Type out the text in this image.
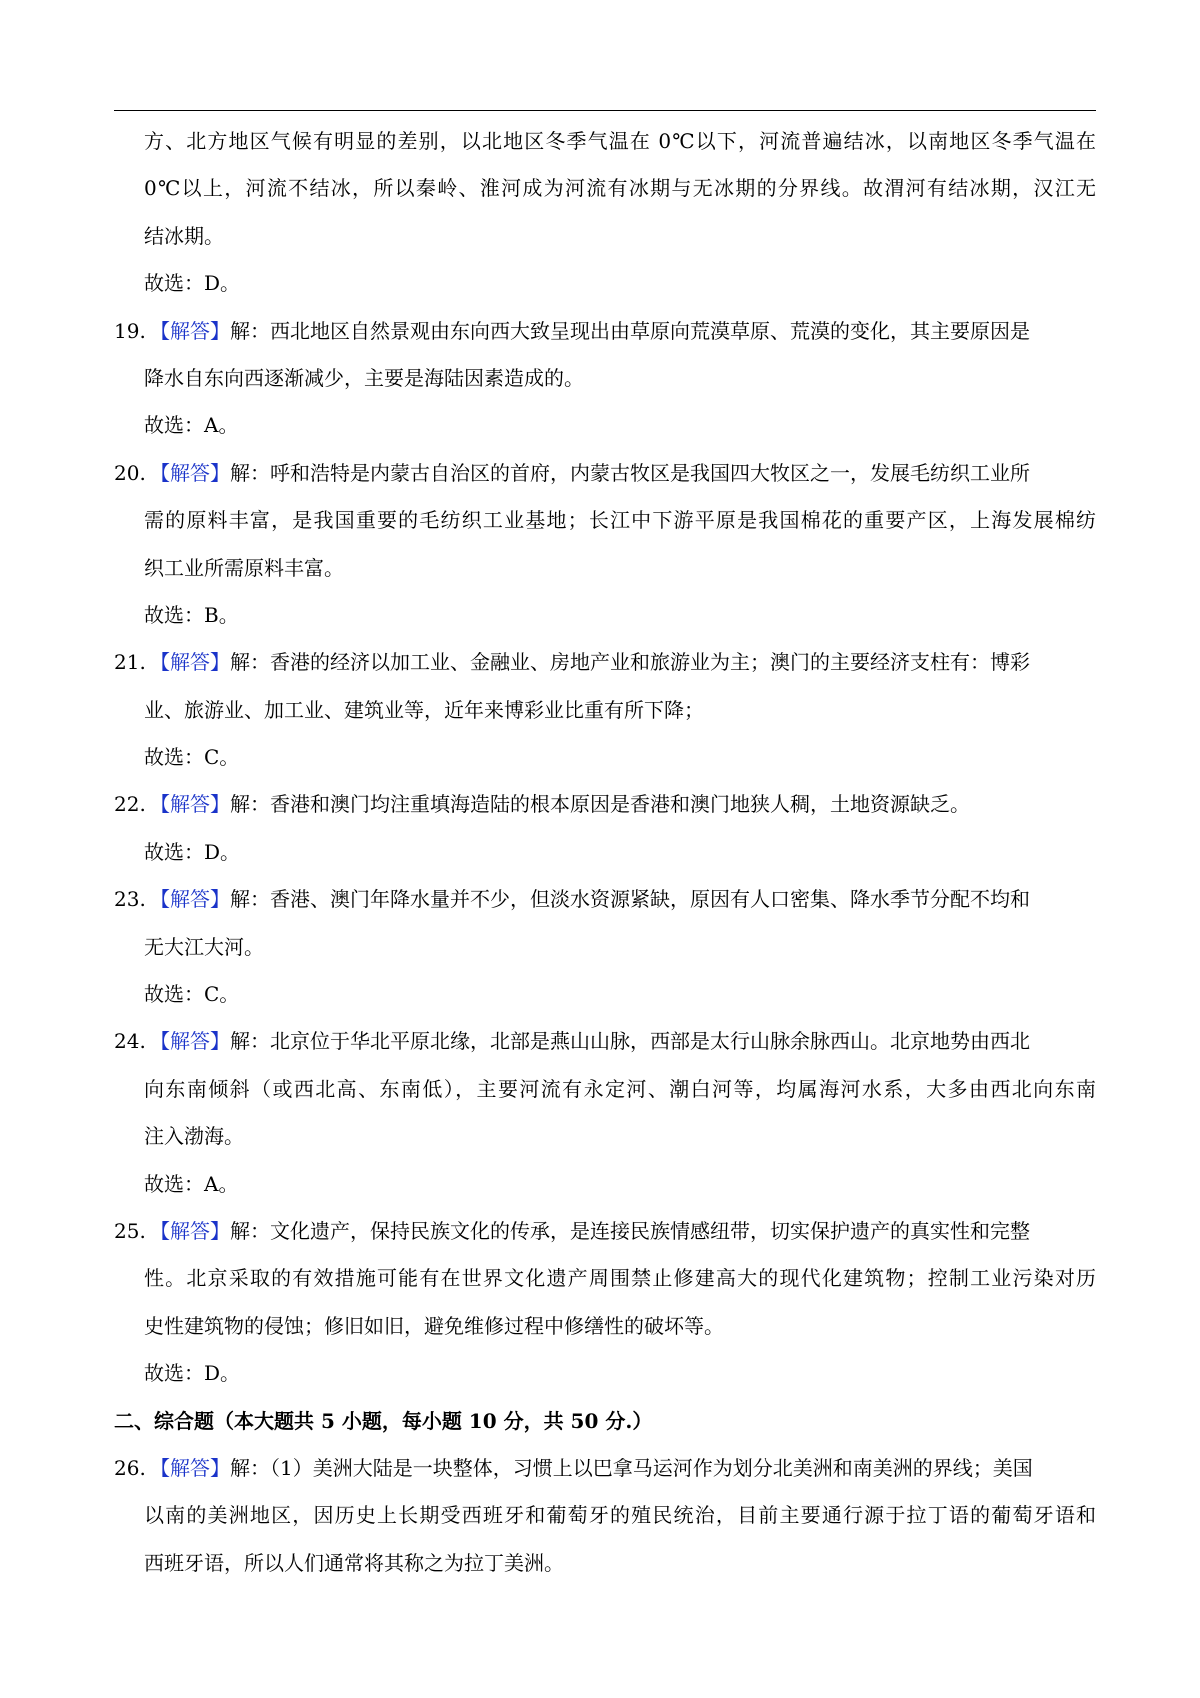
方、北方地区气候有明显的差别，以北地区冬季气温在 0℃以下，河流普遍结冰，以南地区冬季气温在
0℃以上，河流不结冰，所以秦岭、淮河成为河流有冰期与无冰期的分界线。故渭河有结冰期，汉江无
结冰期。
故选：D。
19. 【解答】 解：西北地区自然景观由东向西大致呈现出由草原向荒漠草原、荒漠的变化，其主要原因是
降水自东向西逐渐减少，主要是海陆因素造成的。
故选：A。
20. 【解答】 解：呼和浩特是内蒙古自治区的首府，内蒙古牧区是我国四大牧区之一，发展毛纺织工业所
需的原料丰富，是我国重要的毛纺织工业基地；长江中下游平原是我国棉花的重要产区，上海发展棉纺
织工业所需原料丰富。
故选：B。
21. 【解答】 解：香港的经济以加工业、金融业、房地产业和旅游业为主；澳门的主要经济支柱有：博彩
业、旅游业、加工业、建筑业等，近年来博彩业比重有所下降；
故选：C。
22. 【解答】 解：香港和澳门均注重填海造陆的根本原因是香港和澳门地狭人稠，土地资源缺乏。
故选：D。
23. 【解答】 解：香港、澳门年降水量并不少，但淡水资源紧缺，原因有人口密集、降水季节分配不均和
无大江大河。
故选：C。
24. 【解答】 解：北京位于华北平原北缘，北部是燕山山脉，西部是太行山脉余脉西山。北京地势由西北
向东南倾斜（或西北高、东南低），主要河流有永定河、潮白河等，均属海河水系，大多由西北向东南
注入渤海。
故选：A。
25. 【解答】 解：文化遗产，保持民族文化的传承，是连接民族情感纽带，切实保护遗产的真实性和完整
性。北京采取的有效措施可能有在世界文化遗产周围禁止修建高大的现代化建筑物；控制工业污染对历
史性建筑物的侵蚀；修旧如旧，避免维修过程中修缮性的破坏等。
故选：D。
二、综合题（本大题共 5 小题，每小题 10 分，共 50 分.）
26. 【解答】 解：（1）美洲大陆是一块整体，习惯上以巴拿马运河作为划分北美洲和南美洲的界线；美国
以南的美洲地区，因历史上长期受西班牙和葡萄牙的殖民统治，目前主要通行源于拉丁语的葡萄牙语和
西班牙语，所以人们通常将其称之为拉丁美洲。
